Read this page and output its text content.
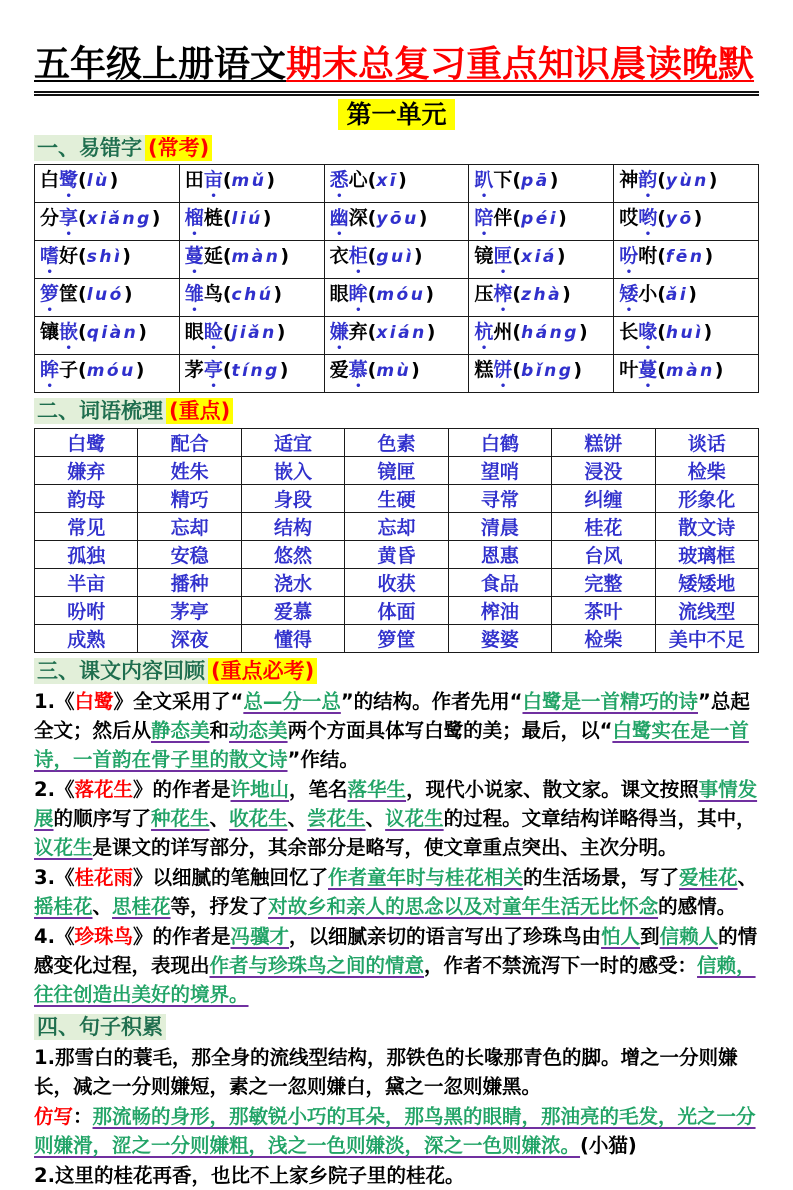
五年级上册语文期末总复习重点知识晨读晚默
第一单元
一、易错字 (常考)
白鹭(lù)	田亩(mǔ)	悉心(xī)	趴下(pā)	神韵(yùn)
分享(xiǎng)	榴梿(liú)	幽深(yōu)	陪伴(péi)	哎哟(yō)
嗜好(shì)	蔓延(màn)	衣柜(guì)	镜匣(xiá)	吩咐(fēn)
箩筐(luó)	雏鸟(chú)	眼眸(móu)	压榨(zhà)	矮小(ǎi)
镶嵌(qiàn)	眼睑(jiǎn)	嫌弃(xián)	杭州(háng)	长喙(huì)
眸子(móu)	茅亭(tíng)	爱慕(mù)	糕饼(bǐng)	叶蔓(màn)
二、词语梳理 (重点)
白鹭	配合	适宜	色素	白鹤	糕饼	谈话
嫌弃	姓朱	嵌入	镜匣	望哨	浸没	检柴
韵母	精巧	身段	生硬	寻常	纠缠	形象化
常见	忘却	结构	忘却	清晨	桂花	散文诗
孤独	安稳	悠然	黄昏	恩惠	台风	玻璃框
半亩	播种	浇水	收获	食品	完整	矮矮地
吩咐	茅亭	爱慕	体面	榨油	茶叶	流线型
成熟	深夜	懂得	箩筐	婆婆	检柴	美中不足
三、课文内容回顾 (重点必考)
1.《白鹭》全文采用了“总—分一总”的结构。作者先用“白鹭是一首精巧的诗”总起全文；然后从静态美和动态美两个方面具体写白鹭的美；最后，以“白鹭实在是一首诗，一首韵在骨子里的散文诗”作结。
2.《落花生》的作者是许地山，笔名落华生，现代小说家、散文家。课文按照事情发展的顺序写了种花生、收花生、尝花生、议花生的过程。文章结构详略得当，其中，议花生是课文的详写部分，其余部分是略写，使文章重点突出、主次分明。
3.《桂花雨》以细腻的笔触回忆了作者童年时与桂花相关的生活场景，写了爱桂花、摇桂花、思桂花等，抒发了对故乡和亲人的思念以及对童年生活无比怀念的感情。
4.《珍珠鸟》的作者是冯骥才，以细腻亲切的语言写出了珍珠鸟由怕人到信赖人的情感变化过程，表现出作者与珍珠鸟之间的情意，作者不禁流泻下一时的感受：信赖，往往创造出美好的境界。
四、句子积累
1.那雪白的蓑毛，那全身的流线型结构，那铁色的长喙那青色的脚。增之一分则嫌长，减之一分则嫌短，素之一忽则嫌白，黛之一忽则嫌黑。
仿写：那流畅的身形，那敏锐小巧的耳朵，那鸟黑的眼睛，那油亮的毛发，光之一分则嫌滑，涩之一分则嫌粗，浅之一色则嫌淡，深之一色则嫌浓。(小猫)
2.这里的桂花再香，也比不上家乡院子里的桂花。
